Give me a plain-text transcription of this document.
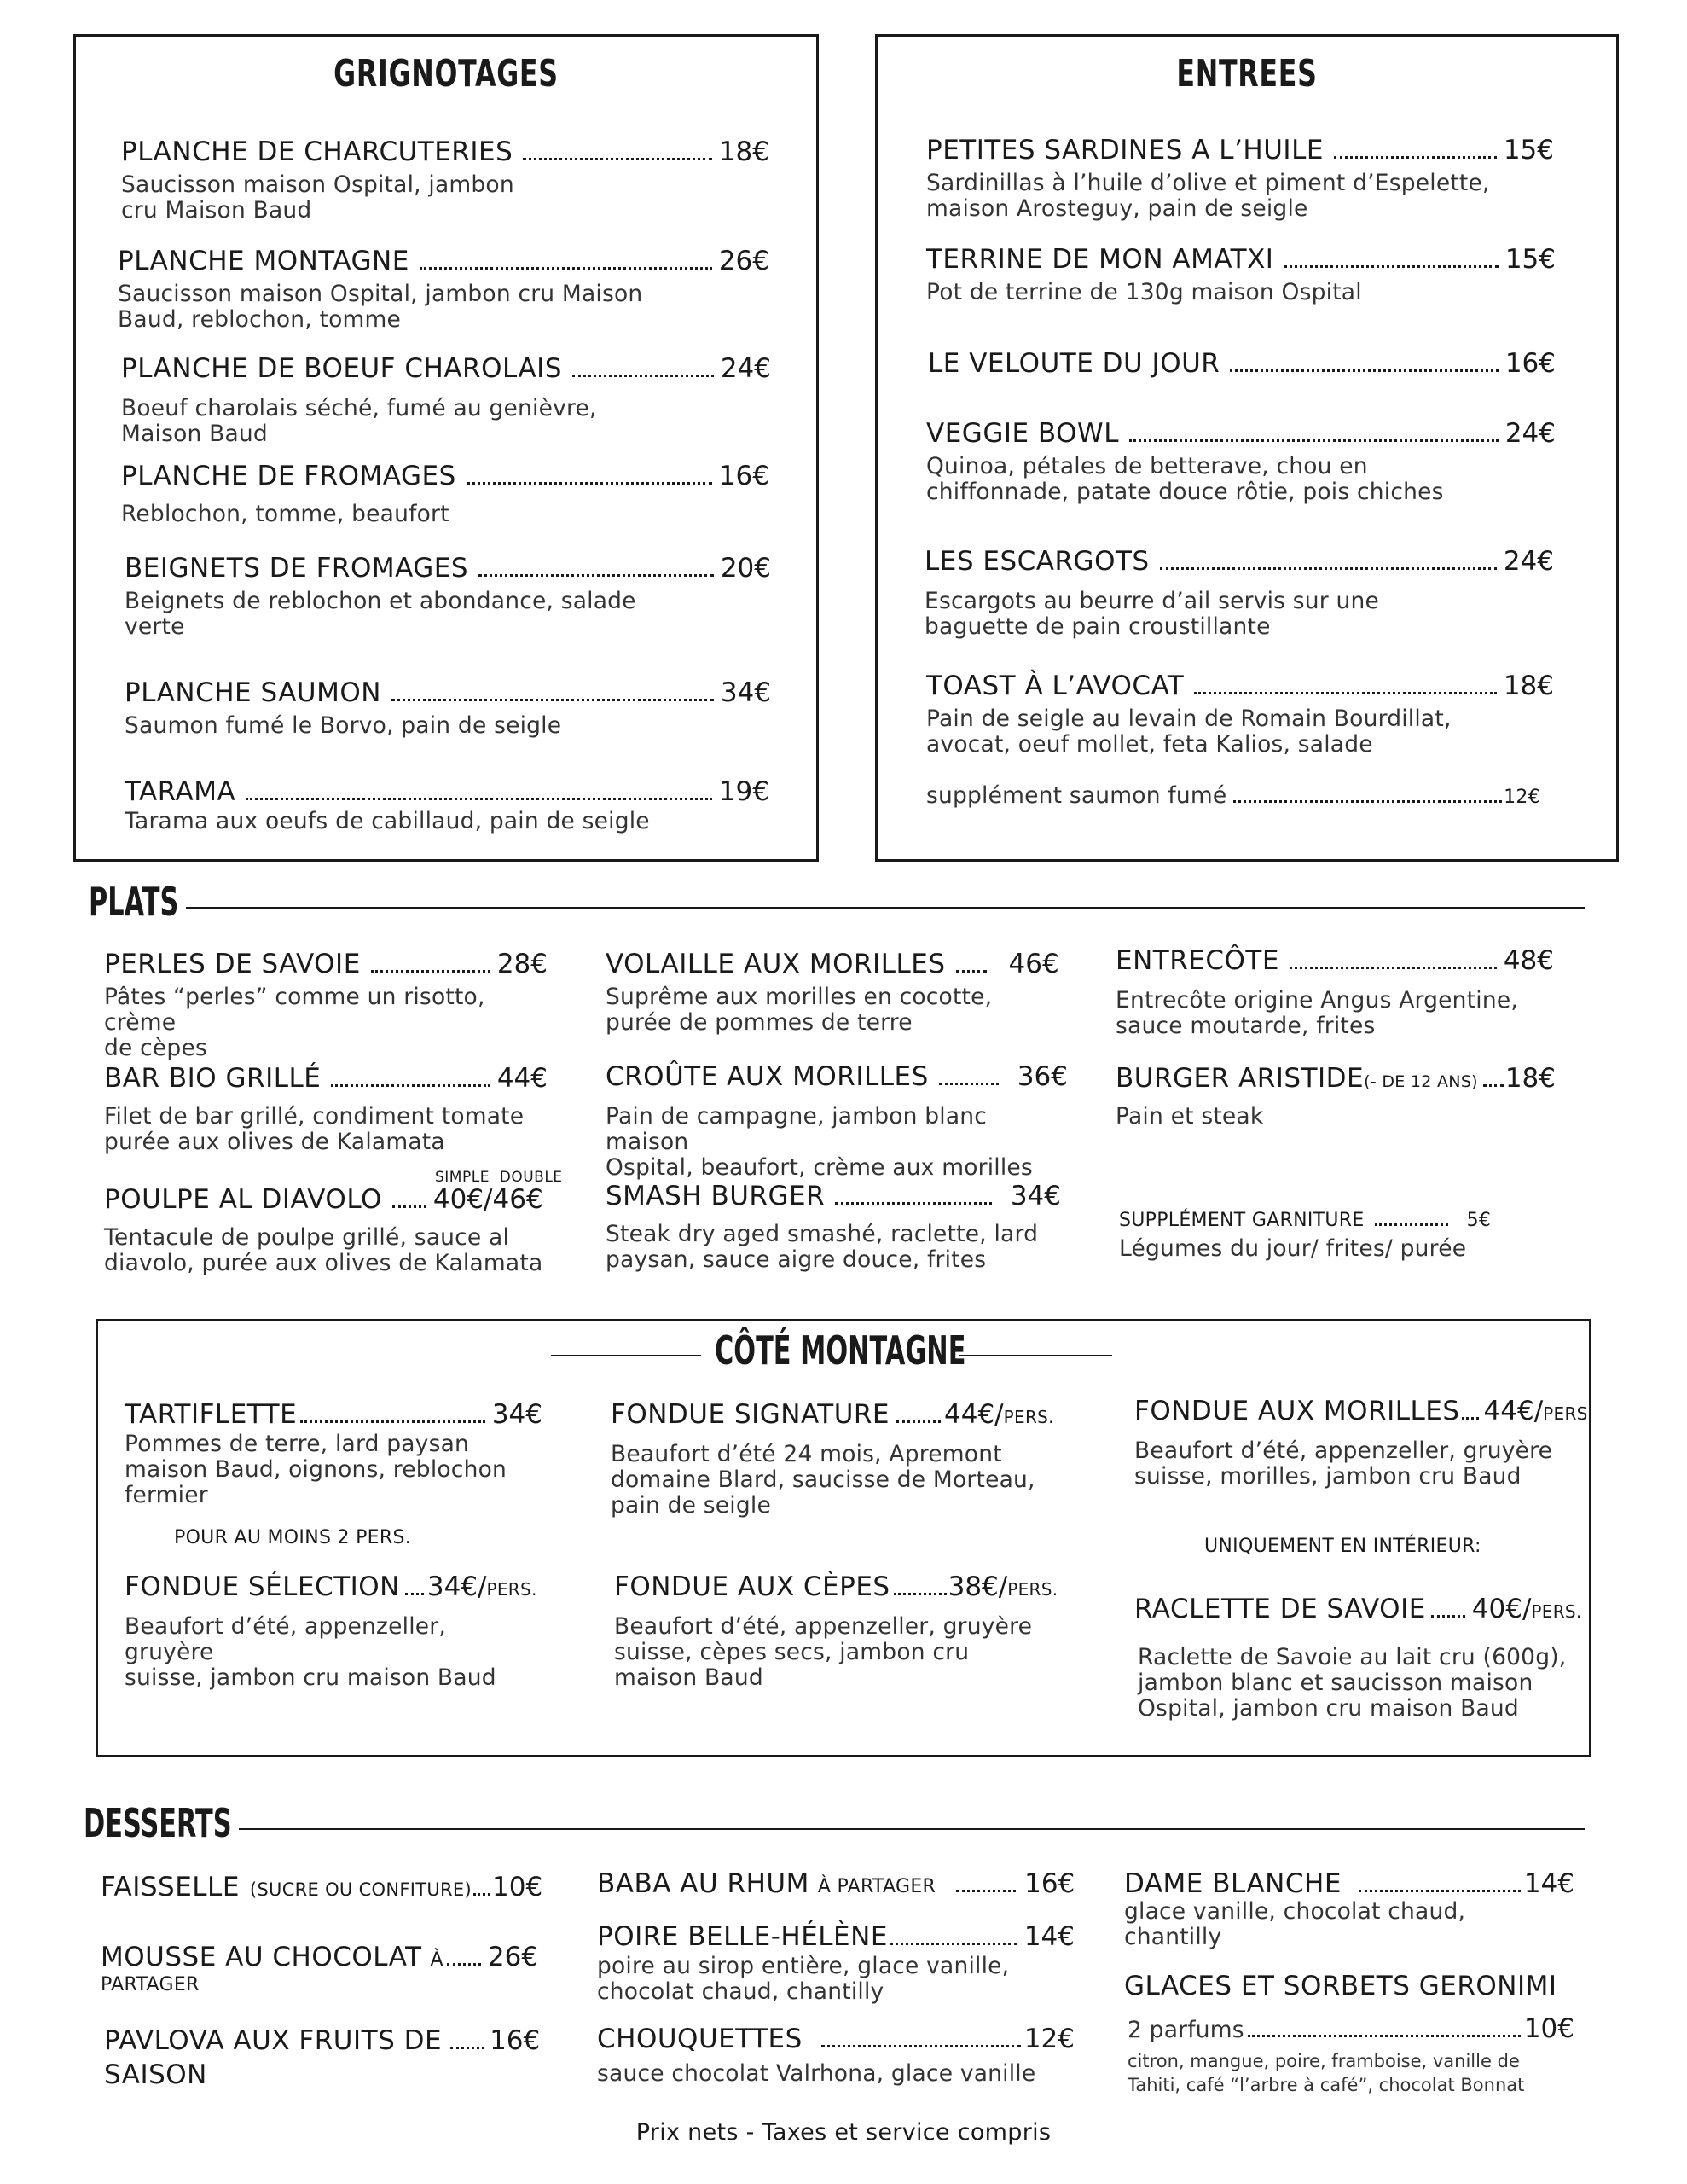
GRIGNOTAGES
PLANCHE DE CHARCUTERIES	18€
Saucisson maison Ospital, jambon
cru Maison Baud
PLANCHE MONTAGNE	26€
Saucisson maison Ospital, jambon cru Maison
Baud, reblochon, tomme
PLANCHE DE BOEUF CHAROLAIS	24€
Boeuf charolais séché, fumé au genièvre,
Maison Baud
PLANCHE DE FROMAGES	16€
Reblochon, tomme, beaufort
BEIGNETS DE FROMAGES	20€
Beignets de reblochon et abondance, salade
verte
PLANCHE SAUMON	34€
Saumon fumé le Borvo, pain de seigle
TARAMA	19€
Tarama aux oeufs de cabillaud, pain de seigle
ENTREES
PETITES SARDINES A L’HUILE	15€
Sardinillas à l’huile d’olive et piment d’Espelette,
maison Arosteguy, pain de seigle
TERRINE DE MON AMATXI	15€
Pot de terrine de 130g maison Ospital
LE VELOUTE DU JOUR	16€
VEGGIE BOWL	24€
Quinoa, pétales de betterave, chou en
chiffonnade, patate douce rôtie, pois chiches
LES ESCARGOTS	24€
Escargots au beurre d’ail servis sur une
baguette de pain croustillante
TOAST À L’AVOCAT	18€
Pain de seigle au levain de Romain Bourdillat,
avocat, oeuf mollet, feta Kalios, salade
supplément saumon fumé	12€
PLATS
PERLES DE SAVOIE	28€
Pâtes “perles” comme un risotto, crème
de cèpes
BAR BIO GRILLÉ	44€
Filet de bar grillé, condiment tomate
purée aux olives de Kalamata
SIMPLE DOUBLE
POULPE AL DIAVOLO 40€/46€
Tentacule de poulpe grillé, sauce al
diavolo, purée aux olives de Kalamata
VOLAILLE AUX MORILLES 46€
Suprême aux morilles en cocotte,
purée de pommes de terre
CROÛTE AUX MORILLES	36€
Pain de campagne, jambon blanc maison
Ospital, beaufort, crème aux morilles
SMASH BURGER	34€
Steak dry aged smashé, raclette, lard
paysan, sauce aigre douce, frites
ENTRECÔTE	48€
Entrecôte origine Angus Argentine,
sauce moutarde, frites
BURGER ARISTIDE (- DE 12 ANS) 18€
Pain et steak
SUPPLÉMENT GARNITURE	5€
Légumes du jour/ frites/ purée
CÔTÉ MONTAGNE
TARTIFLETTE	34€
Pommes de terre, lard paysan
maison Baud, oignons, reblochon
fermier
POUR AU MOINS 2 PERS.
FONDUE SÉLECTION 34€/ PERS.
Beaufort d’été, appenzeller, gruyère
suisse, jambon cru maison Baud
FONDUE SIGNATURE 44€/ PERS.
Beaufort d’été 24 mois, Apremont
domaine Blard, saucisse de Morteau,
pain de seigle
FONDUE AUX CÈPES 38€/ PERS.
Beaufort d’été, appenzeller, gruyère
suisse, cèpes secs, jambon cru
maison Baud
FONDUE AUX MORILLES 44€/ PERS.
Beaufort d’été, appenzeller, gruyère
suisse, morilles, jambon cru Baud
UNIQUEMENT EN INTÉRIEUR:
RACLETTE DE SAVOIE 40€/ PERS.
Raclette de Savoie au lait cru (600g),
jambon blanc et saucisson maison
Ospital, jambon cru maison Baud
DESSERTS
FAISSELLE (SUCRE OU CONFITURE) 10€
MOUSSE AU CHOCOLAT À 26€
PARTAGER
PAVLOVA AUX FRUITS DE 16€
SAISON
BABA AU RHUM À PARTAGER	16€
POIRE BELLE-HÉLÈNE	14€
poire au sirop entière, glace vanille,
chocolat chaud, chantilly
CHOUQUETTES	12€
sauce chocolat Valrhona, glace vanille
DAME BLANCHE	14€
glace vanille, chocolat chaud,
chantilly
GLACES ET SORBETS GERONIMI
2 parfums	10€
citron, mangue, poire, framboise, vanille de
Tahiti, café “l’arbre à café”, chocolat Bonnat
Prix nets - Taxes et service compris
